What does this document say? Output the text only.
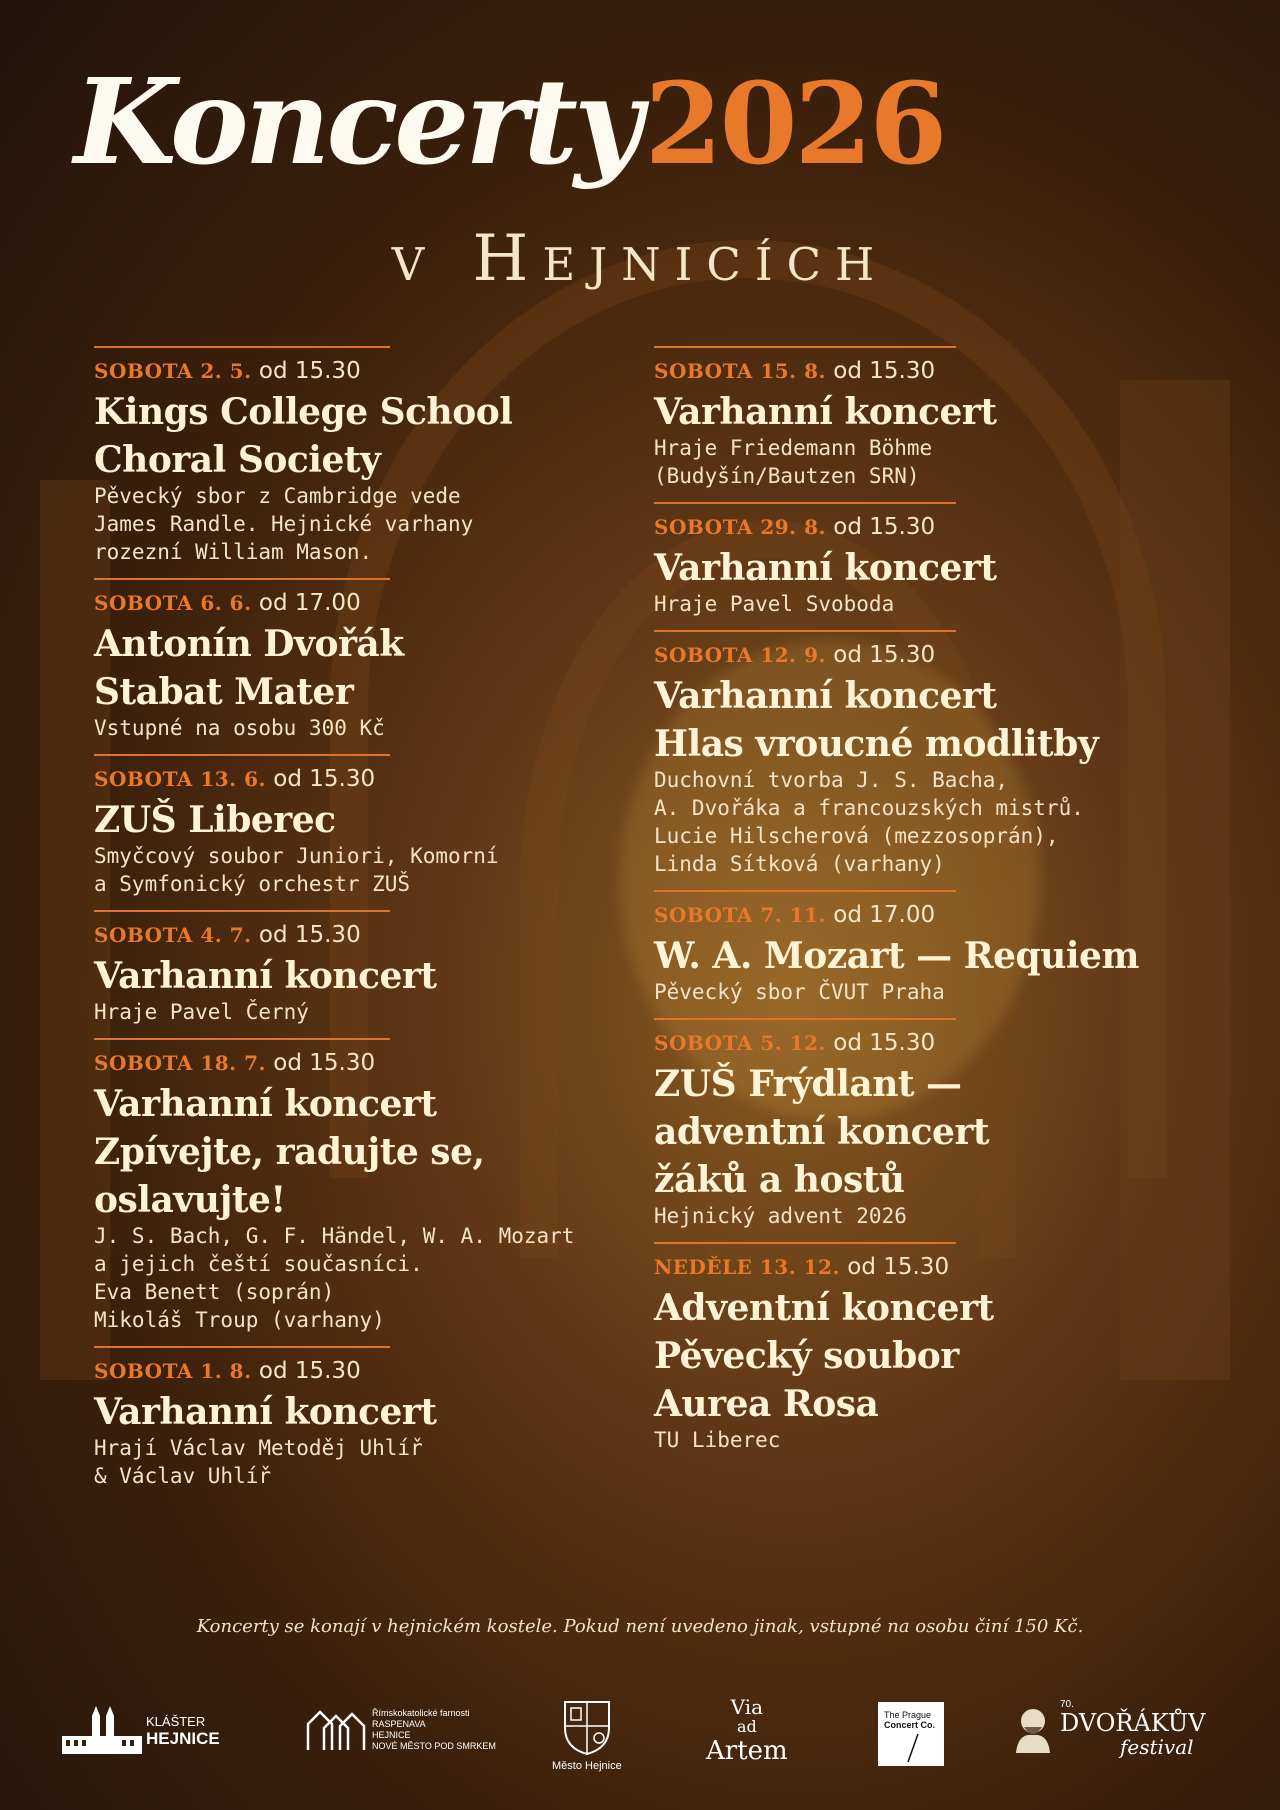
Koncerty2026
v Hejnicích
SOBOTA 2. 5. od 15.30
Kings College School
Choral Society
Pěvecký sbor z Cambridge vede
James Randle. Hejnické varhany
rozezní William Mason.
SOBOTA 6. 6. od 17.00
Antonín Dvořák
Stabat Mater
Vstupné na osobu 300 Kč
SOBOTA 13. 6. od 15.30
ZUŠ Liberec
Smyčcový soubor Juniori, Komorní
a Symfonický orchestr ZUŠ
SOBOTA 4. 7. od 15.30
Varhanní koncert
Hraje Pavel Černý
SOBOTA 18. 7. od 15.30
Varhanní koncert
Zpívejte, radujte se,
oslavujte!
J. S. Bach, G. F. Händel, W. A. Mozart
a jejich čeští současníci.
Eva Benett (soprán)
Mikoláš Troup (varhany)
SOBOTA 1. 8. od 15.30
Varhanní koncert
Hrají Václav Metoděj Uhlíř
& Václav Uhlíř
SOBOTA 15. 8. od 15.30
Varhanní koncert
Hraje Friedemann Böhme
(Budyšín/Bautzen SRN)
SOBOTA 29. 8. od 15.30
Varhanní koncert
Hraje Pavel Svoboda
SOBOTA 12. 9. od 15.30
Varhanní koncert
Hlas vroucné modlitby
Duchovní tvorba J. S. Bacha,
A. Dvořáka a francouzských mistrů.
Lucie Hilscherová (mezzosoprán),
Linda Sítková (varhany)
SOBOTA 7. 11. od 17.00
W. A. Mozart — Requiem
Pěvecký sbor ČVUT Praha
SOBOTA 5. 12. od 15.30
ZUŠ Frýdlant —
adventní koncert
žáků a hostů
Hejnický advent 2026
NEDĚLE 13. 12. od 15.30
Adventní koncert
Pěvecký soubor
Aurea Rosa
TU Liberec
Koncerty se konají v hejnickém kostele. Pokud není uvedeno jinak, vstupné na osobu činí 150 Kč.
KLÁŠTER
HEJNICE
Římskokatolické farnosti
RASPENAVA
HEJNICE
NOVÉ MĚSTO POD SMRKEM
Město Hejnice
Via
ad
Artem
The Prague
Concert Co.
70.
DVOŘÁKŮV
festival
